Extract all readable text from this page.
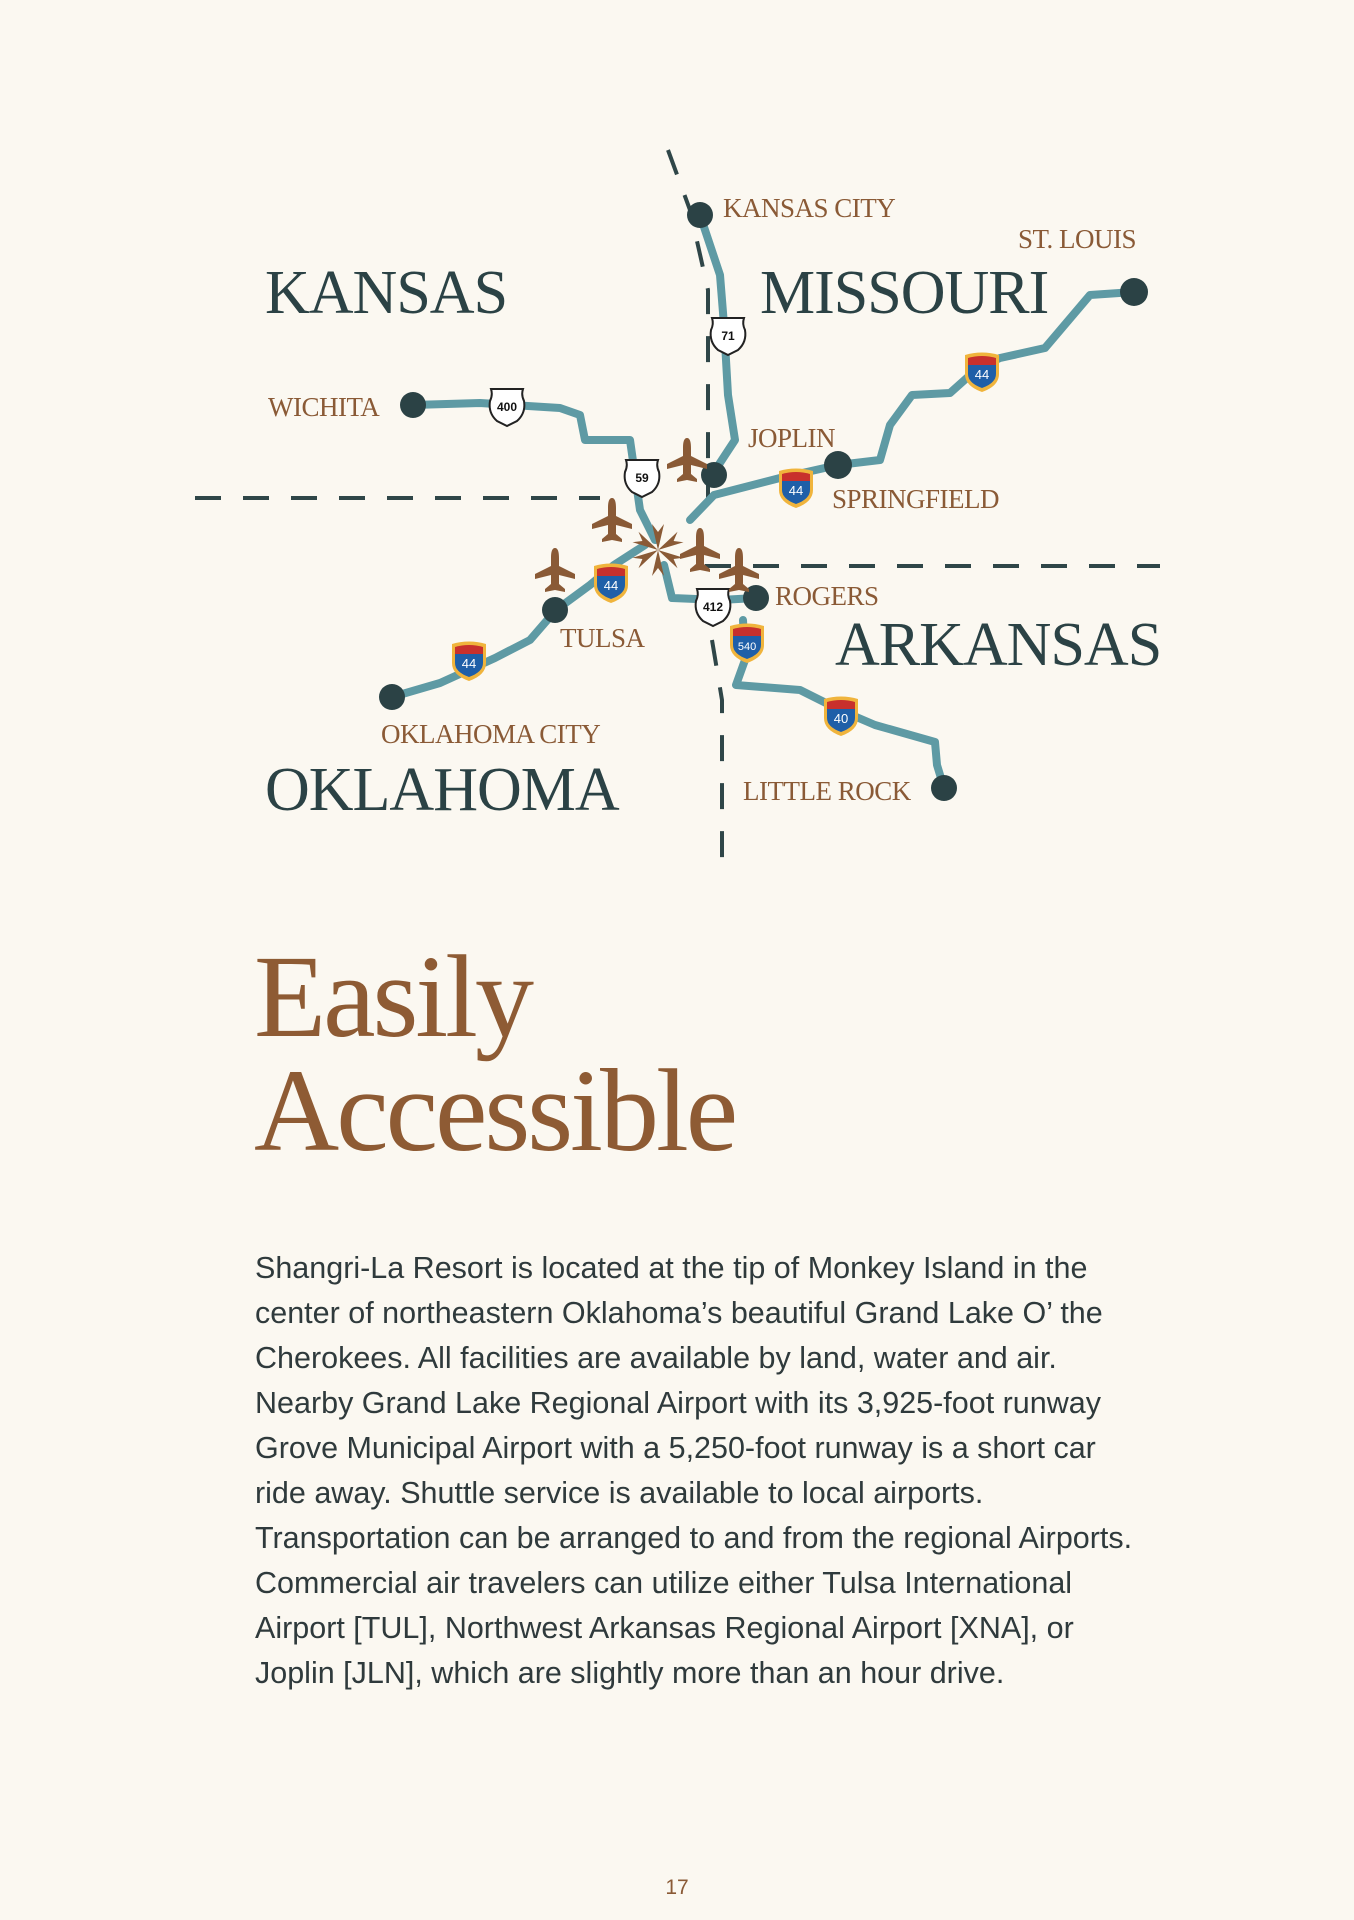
71
400
59
412
44
44
44
44
540
40
KANSAS	MISSOURI
ARKANSAS
OKLAHOMA
KANSAS CITY
ST. LOUIS
WICHITA
JOPLIN
SPRINGFIELD
ROGERS
TULSA
OKLAHOMA CITY
LITTLE ROCK
Easily
Accessible

Shangri-La Resort is located at the tip of Monkey Island in the center of northeastern Oklahoma’s beautiful Grand Lake O’ the Cherokees. All facilities are available by land, water and air. Nearby Grand Lake Regional Airport with its 3,925-foot runway Grove Municipal Airport with a 5,250-foot runway is a short car ride away. Shuttle service is available to local airports. Transportation can be arranged to and from the regional Airports. Commercial air travelers can utilize either Tulsa International Airport [TUL], Northwest Arkansas Regional Airport [XNA], or Joplin [JLN], which are slightly more than an hour drive.

17
